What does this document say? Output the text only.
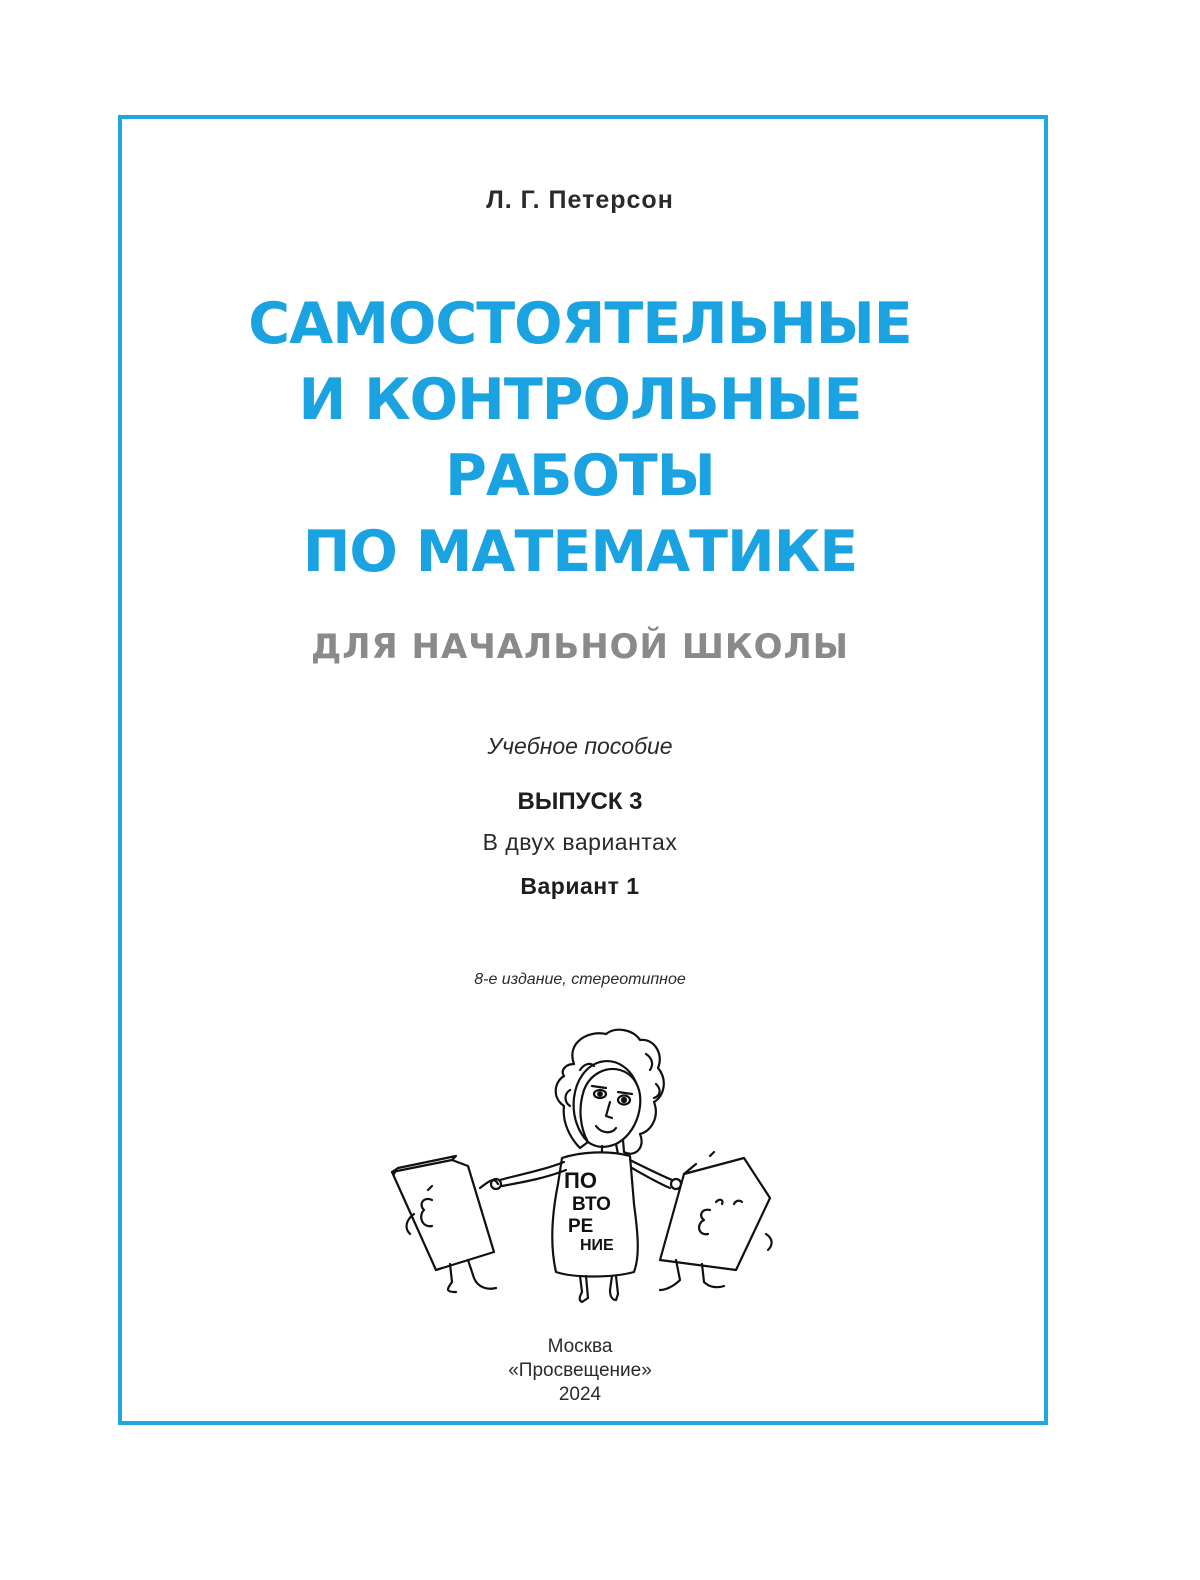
Л. Г. Петерсон
САМОСТОЯТЕЛЬНЫЕ
И КОНТРОЛЬНЫЕ
РАБОТЫ
ПО МАТЕМАТИКЕ
ДЛЯ НАЧАЛЬНОЙ ШКОЛЫ
Учебное пособие
ВЫПУСК 3
В двух вариантах
Вариант 1
8-е издание, стереотипное
ПО
ВТО
РЕ
НИЕ
Москва
«Просвещение»
2024
